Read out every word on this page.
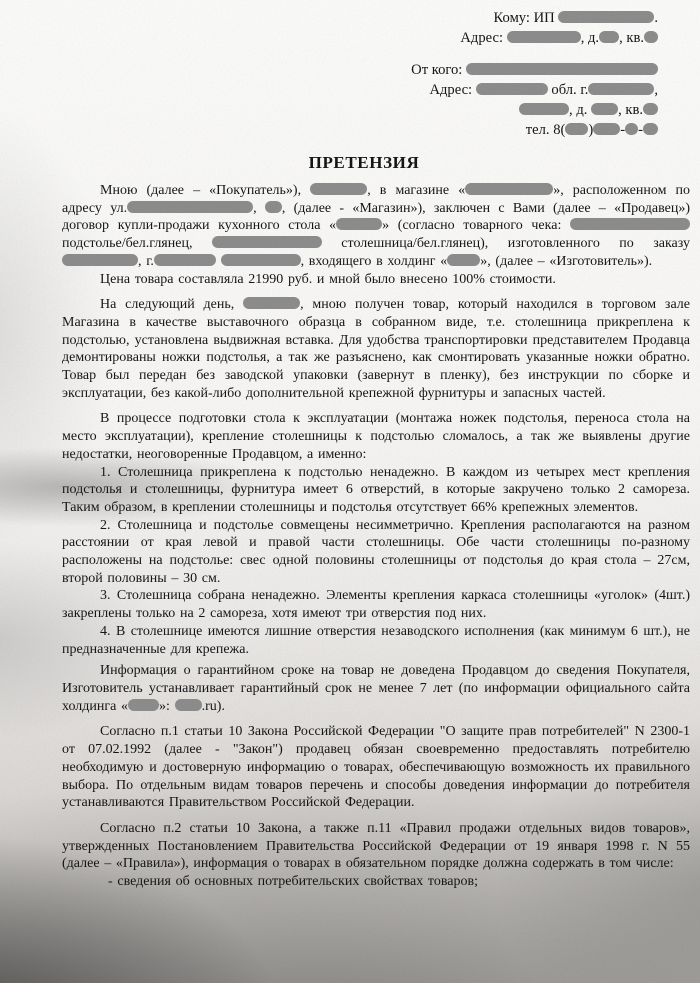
Кому: ИП	.
Адрес:	, д. , кв.
От кого:
Адрес:	обл. г.	,
, д. , кв.
тел. 8( ) - -
ПРЕТЕНЗИЯ

Мною (далее – «Покупатель»),	, в магазине «	», расположенном по адресу ул.	, , (далее - «Магазин»), заключен с Вами (далее – «Продавец») договор купли-продажи кухонного стола «	» (согласно товарного чека:  подстолье/бел.глянец,	столешница/бел.глянец), изготовленного по заказу , г.	, входящего в холдинг « », (далее – «Изготовитель»).

Цена товара составляла 21990 руб. и мной было внесено 100% стоимости.

На следующий день,	, мною получен товар, который находился в торговом зале Магазина в качестве выставочного образца в собранном виде, т.е. столешница прикреплена к подстолью, установлена выдвижная вставка. Для удобства транспортировки представителем Продавца демонтированы ножки подстолья, а так же разъяснено, как смонтировать указанные ножки обратно. Товар был передан без заводской упаковки (завернут в пленку), без инструкции по сборке и эксплуатации, без какой-либо дополнительной крепежной фурнитуры и запасных частей.

В процессе подготовки стола к эксплуатации (монтажа ножек подстолья, переноса стола на место эксплуатации), крепление столешницы к подстолью сломалось, а так же выявлены другие недостатки, неоговоренные Продавцом, а именно:

1. Столешница прикреплена к подстолью ненадежно. В каждом из четырех мест крепления подстолья и столешницы, фурнитура имеет 6 отверстий, в которые закручено только 2 самореза. Таким образом, в креплении столешницы и подстолья отсутствует 66% крепежных элементов.

2. Столешница и подстолье совмещены несимметрично. Крепления располагаются на разном расстоянии от края левой и правой части столешницы. Обе части столешницы по-разному расположены на подстолье: свес одной половины столешницы от подстолья до края стола – 27см, второй половины – 30 см.

3. Столешница собрана ненадежно. Элементы крепления каркаса столешницы «уголок» (4шт.) закреплены только на 2 самореза, хотя имеют три отверстия под них.

4. В столешнице имеются лишние отверстия незаводского исполнения (как минимум 6 шт.), не предназначенные для крепежа.

Информация о гарантийном сроке на товар не доведена Продавцом до сведения Покупателя, Изготовитель устанавливает гарантийный срок не менее 7 лет (по информации официального сайта холдинга « »: .ru).

Согласно п.1 статьи 10 Закона Российской Федерации "О защите прав потребителей" N 2300-1 от 07.02.1992 (далее - "Закон") продавец обязан своевременно предоставлять потребителю необходимую и достоверную информацию о товарах, обеспечивающую возможность их правильного выбора. По отдельным видам товаров перечень и способы доведения информации до потребителя устанавливаются Правительством Российской Федерации.

Согласно п.2 статьи 10 Закона, а также п.11 «Правил продажи отдельных видов товаров», утвержденных Постановлением Правительства Российской Федерации от 19 января 1998 г. N 55 (далее – «Правила»), информация о товарах в обязательном порядке должна содержать в том числе:

- сведения об основных потребительских свойствах товаров;
